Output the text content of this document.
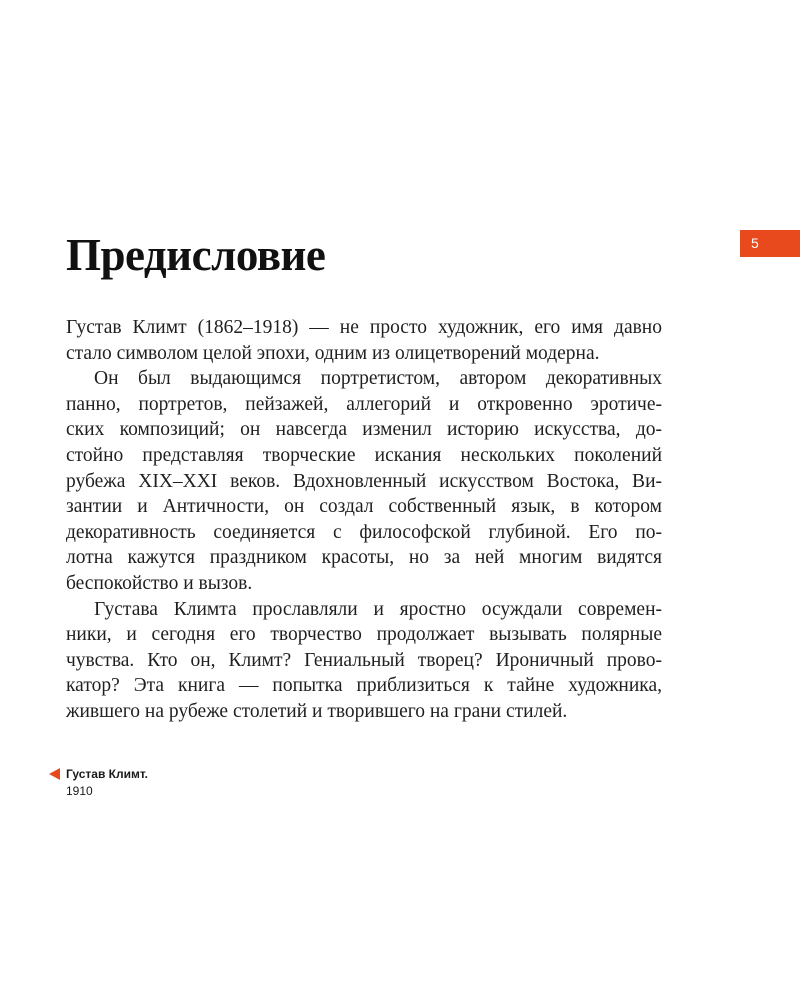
5
Предисловие
Густав Климт (1862–1918) — не просто художник, его имя давно
стало символом целой эпохи, одним из олицетворений модерна.
Он был выдающимся портретистом, автором декоративных
панно, портретов, пейзажей, аллегорий и откровенно эротиче-
ских композиций; он навсегда изменил историю искусства, до-
стойно представляя творческие искания нескольких поколений
рубежа XIX–XXI веков. Вдохновленный искусством Востока, Ви-
зантии и Античности, он создал собственный язык, в котором
декоративность соединяется с философской глубиной. Его по-
лотна кажутся праздником красоты, но за ней многим видятся
беспокойство и вызов.
Густава Климта прославляли и яростно осуждали современ-
ники, и сегодня его творчество продолжает вызывать полярные
чувства. Кто он, Климт? Гениальный творец? Ироничный прово-
катор? Эта книга — попытка приблизиться к тайне художника,
жившего на рубеже столетий и творившего на грани стилей.
Густав Климт.
1910
